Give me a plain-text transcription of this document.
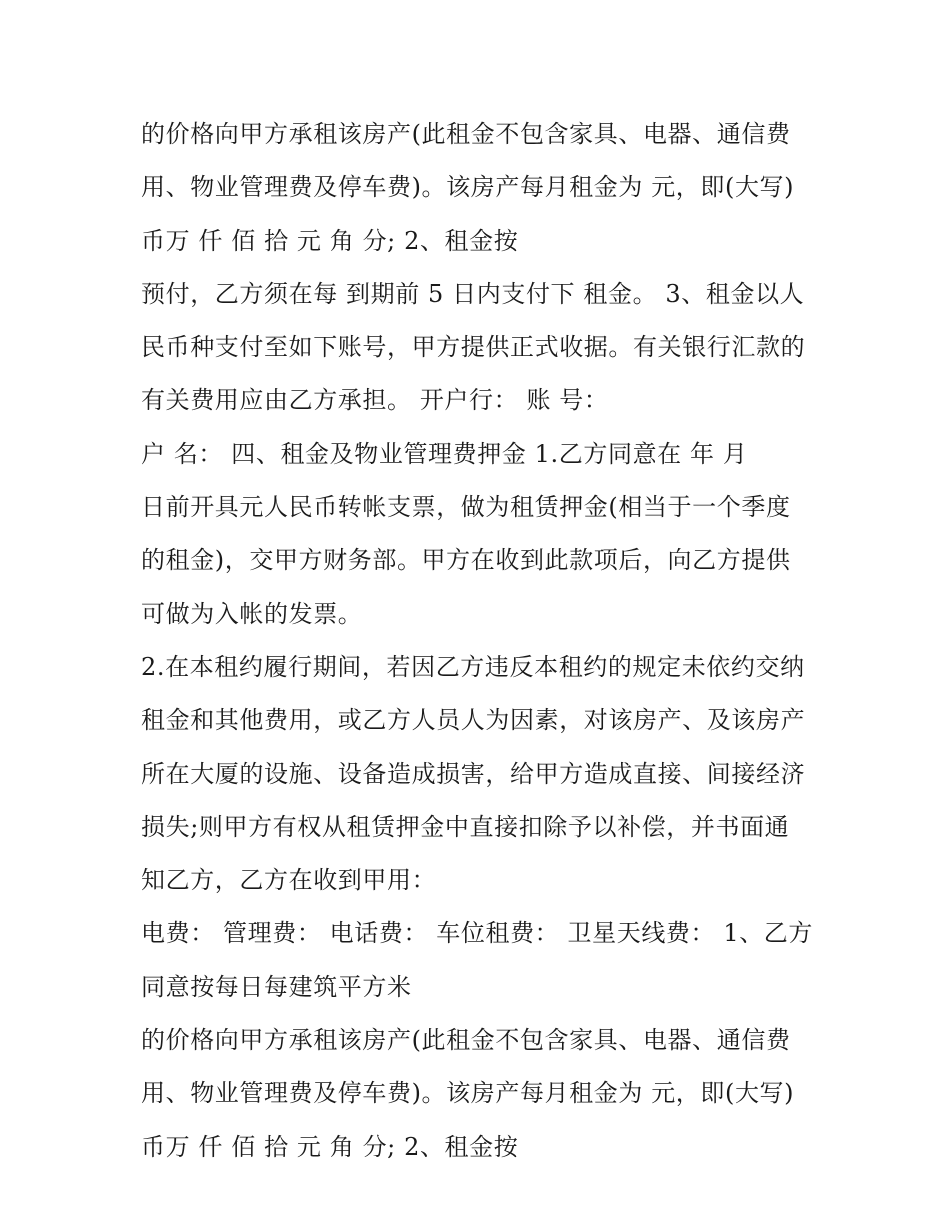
的价格向甲方承租该房产(此租金不包含家具、电器、通信费
用、物业管理费及停车费)。该房产每月租金为 元，即(大写)
币万 仟 佰 拾 元 角 分; 2、租金按
预付，乙方须在每 到期前 5 日内支付下 租金。 3、租金以人
民币种支付至如下账号，甲方提供正式收据。有关银行汇款的
有关费用应由乙方承担。 开户行： 账 号：
户 名： 四、租金及物业管理费押金 1.乙方同意在 年 月
日前开具元人民币转帐支票，做为租赁押金(相当于一个季度
的租金)，交甲方财务部。甲方在收到此款项后，向乙方提供
可做为入帐的发票。
2.在本租约履行期间，若因乙方违反本租约的规定未依约交纳
租金和其他费用，或乙方人员人为因素，对该房产、及该房产
所在大厦的设施、设备造成损害，给甲方造成直接、间接经济
损失;则甲方有权从租赁押金中直接扣除予以补偿，并书面通
知乙方，乙方在收到甲用：
电费： 管理费： 电话费： 车位租费： 卫星天线费： 1、乙方
同意按每日每建筑平方米
的价格向甲方承租该房产(此租金不包含家具、电器、通信费
用、物业管理费及停车费)。该房产每月租金为 元，即(大写)
币万 仟 佰 拾 元 角 分; 2、租金按
